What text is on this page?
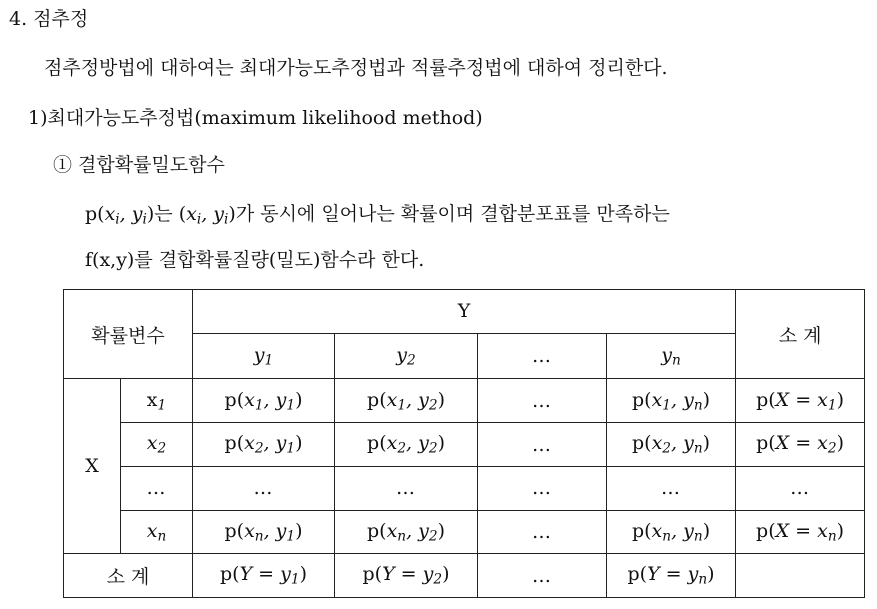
4. 점추정
점추정방법에 대하여는 최대가능도추정법과 적률추정법에 대하여 정리한다.
1)최대가능도추정법(maximum likelihood method)
① 결합확률밀도함수
p(xi, yi)는 (xi, yi)가 동시에 일어나는 확률이며 결합분포표를 만족하는
f(x,y)를 결합확률질량(밀도)함수라 한다.
확률변수		Y				소 계
		y1	y2	…	yn	
X	x1	p(x1, y1)	p(x1, y2)	…	p(x1, yn)	p(X = x1)
	x2	p(x2, y1)	p(x2, y2)	…	p(x2, yn)	p(X = x2)
	…	…	…	…	…	…
	xn	p(xn, y1)	p(xn, y2)	…	p(xn, yn)	p(X = xn)
소 계		p(Y = y1)	p(Y = y2)	…	p(Y = yn)	
